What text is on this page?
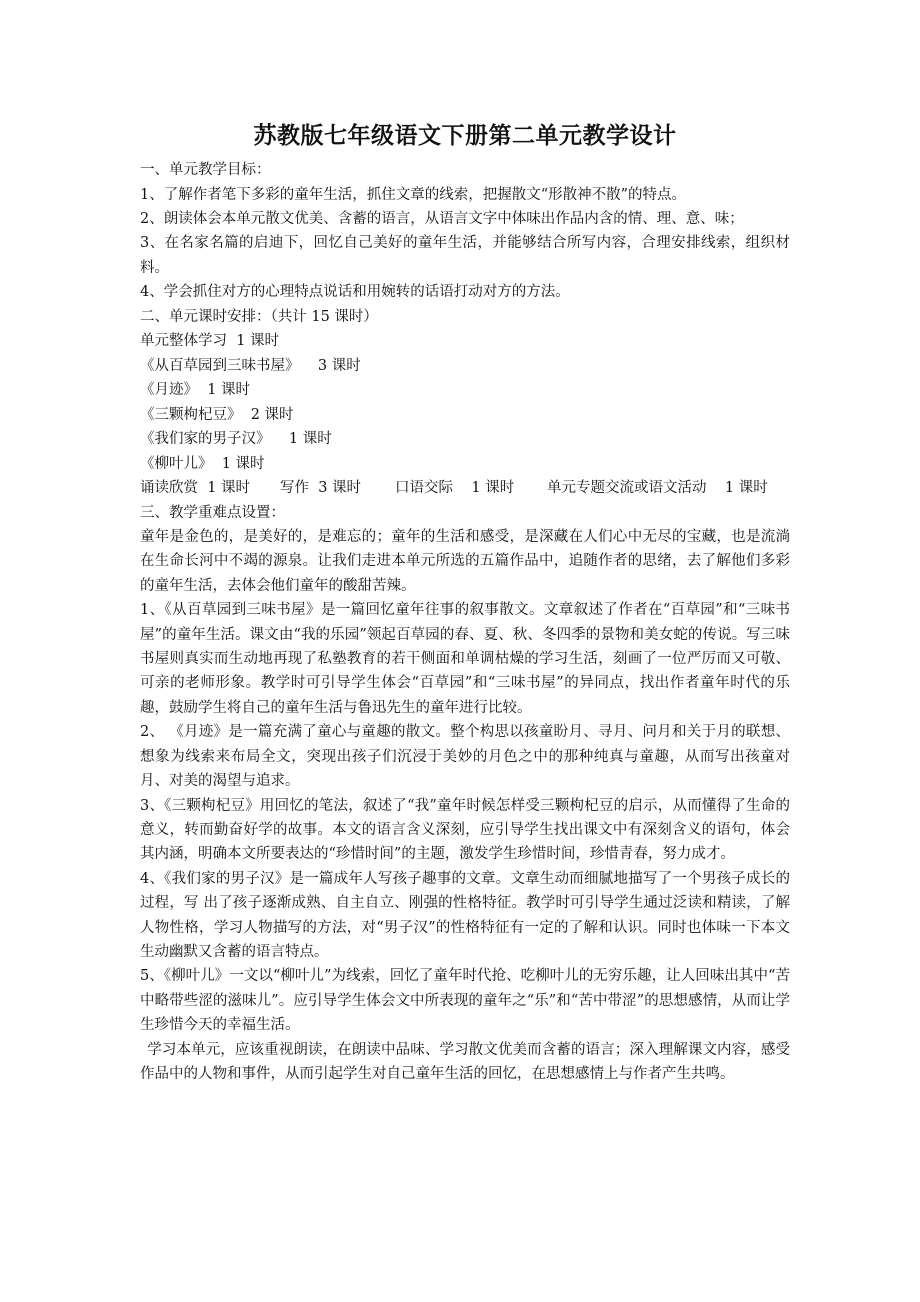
苏教版七年级语文下册第二单元教学设计

一、单元教学目标：

1、了解作者笔下多彩的童年生活，抓住文章的线索，把握散文“形散神不散”的特点。

2、朗读体会本单元散文优美、含蓄的语言，从语言文字中体味出作品内含的情、理、意、味；

3、在名家名篇的启迪下，回忆自己美好的童年生活，并能够结合所写内容，合理安排线索，组织材料。

4、学会抓住对方的心理特点说话和用婉转的话语打动对方的方法。

二、单元课时安排：（共计 15 课时）

单元整体学习  1 课时

《从百草园到三味书屋》    3 课时

《月迹》  1 课时

《三颗枸杞豆》  2 课时

《我们家的男子汉》    1 课时

《柳叶儿》  1 课时

诵读欣赏  1 课时	写作  3 课时	口语交际    1 课时	单元专题交流或语文活动    1 课时

三、教学重难点设置：

童年是金色的，是美好的，是难忘的；童年的生活和感受，是深藏在人们心中无尽的宝藏，也是流淌在生命长河中不竭的源泉。让我们走进本单元所选的五篇作品中，追随作者的思绪，去了解他们多彩的童年生活，去体会他们童年的酸甜苦辣。

1、《从百草园到三味书屋》是一篇回忆童年往事的叙事散文。文章叙述了作者在“百草园”和“三味书屋”的童年生活。课文由“我的乐园”领起百草园的春、夏、秋、冬四季的景物和美女蛇的传说。写三味书屋则真实而生动地再现了私塾教育的若干侧面和单调枯燥的学习生活，刻画了一位严厉而又可敬、可亲的老师形象。教学时可引导学生体会“百草园”和“三味书屋”的异同点，找出作者童年时代的乐趣，鼓励学生将自己的童年生活与鲁迅先生的童年进行比较。

2、 《月迹》是一篇充满了童心与童趣的散文。整个构思以孩童盼月、寻月、问月和关于月的联想、想象为线索来布局全文，突现出孩子们沉浸于美妙的月色之中的那种纯真与童趣，从而写出孩童对月、对美的渴望与追求。

3、《三颗枸杞豆》用回忆的笔法，叙述了“我”童年时候怎样受三颗枸杞豆的启示，从而懂得了生命的意义，转而勤奋好学的故事。本文的语言含义深刻，应引导学生找出课文中有深刻含义的语句，体会其内涵，明确本文所要表达的“珍惜时间”的主题，激发学生珍惜时间，珍惜青春，努力成才。

4、《我们家的男子汉》是一篇成年人写孩子趣事的文章。文章生动而细腻地描写了一个男孩子成长的过程，写 出了孩子逐渐成熟、自主自立、刚强的性格特征。教学时可引导学生通过泛读和精读，了解人物性格，学习人物描写的方法，对“男子汉”的性格特征有一定的了解和认识。同时也体味一下本文生动幽默又含蓄的语言特点。

5、《柳叶儿》一文以“柳叶儿”为线索，回忆了童年时代抢、吃柳叶儿的无穷乐趣，让人回味出其中“苦中略带些涩的滋味儿”。应引导学生体会文中所表现的童年之“乐”和“苦中带涩”的思想感情，从而让学生珍惜今天的幸福生活。

学习本单元，应该重视朗读，在朗读中品味、学习散文优美而含蓄的语言；深入理解课文内容，感受作品中的人物和事件，从而引起学生对自己童年生活的回忆，在思想感情上与作者产生共鸣。
